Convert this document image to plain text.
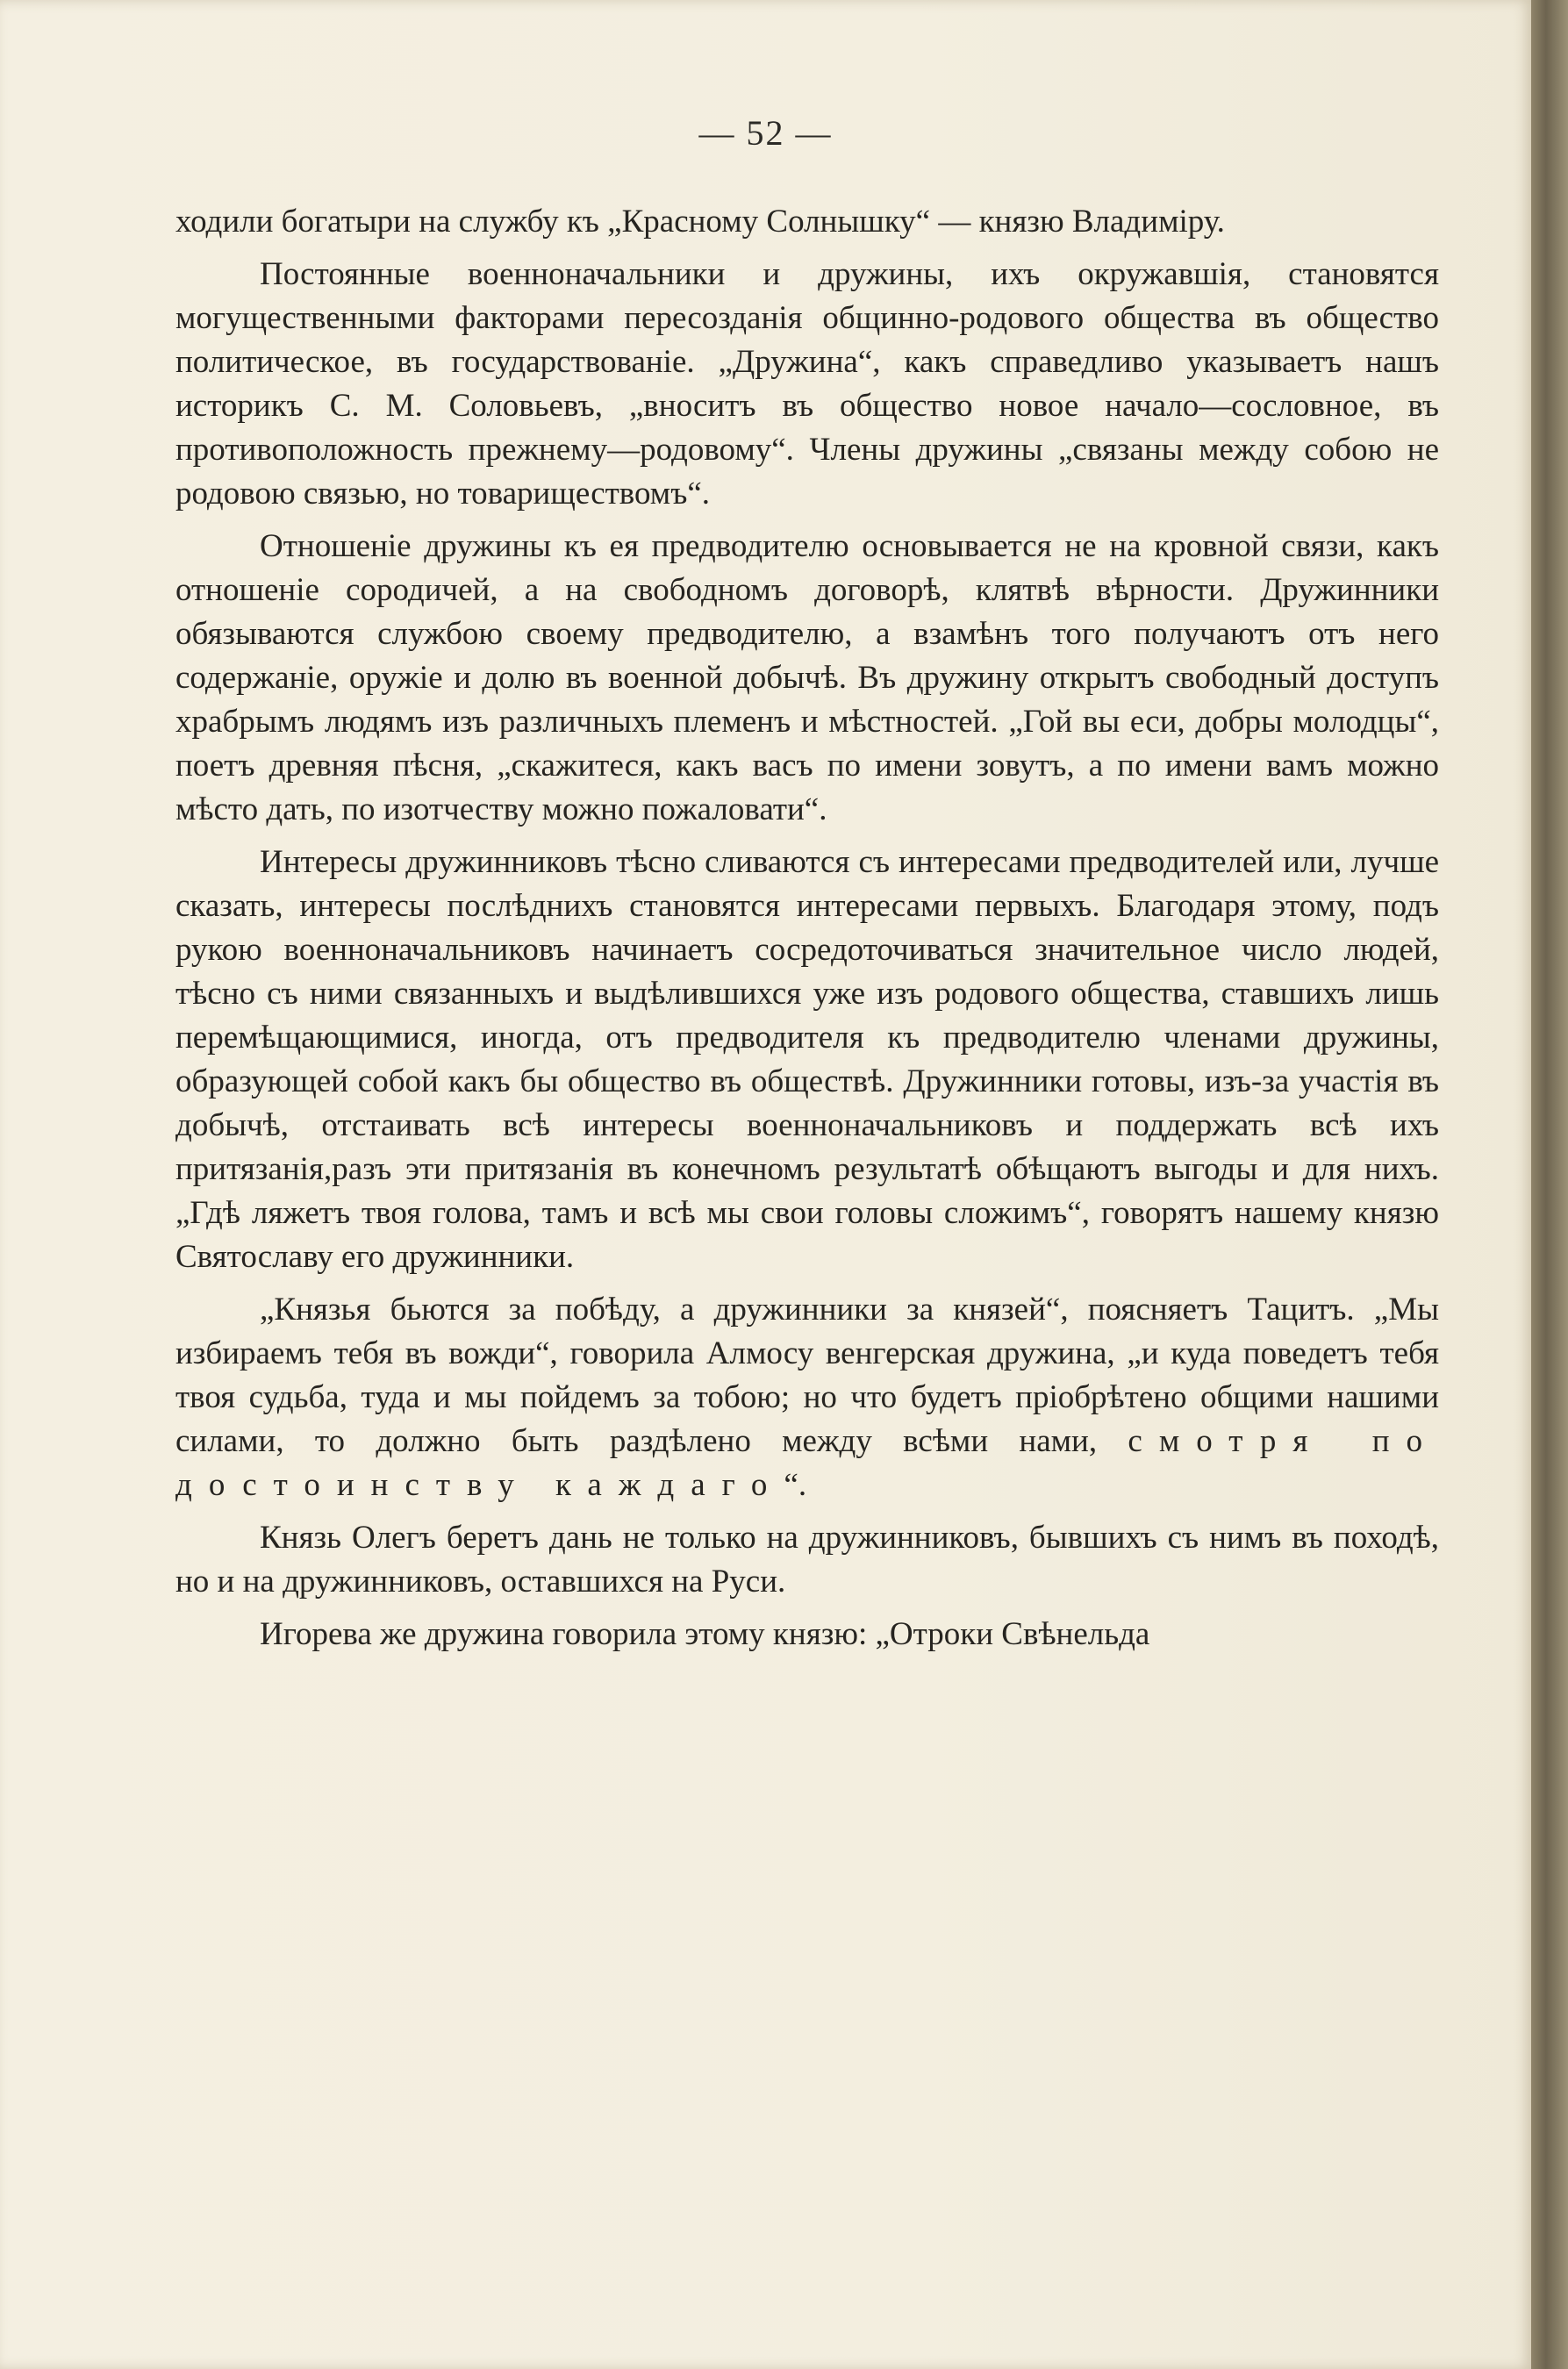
— 52 —

ходили богатыри на службу къ „Красному Солнышку“ — князю Владиміру.

Постоянные военноначальники и дружины, ихъ окружавшія, становятся могущественными факторами пересозданія общинно-родового общества въ общество политическое, въ государствованіе. „Дружина“, какъ справедливо указываетъ нашъ историкъ С. М. Соловьевъ, „вноситъ въ общество новое начало—сословное, въ противоположность прежнему—родовому“. Члены дружины „связаны между собою не родовою связью, но товариществомъ“.

Отношеніе дружины къ ея предводителю основывается не на кровной связи, какъ отношеніе сородичей, а на свободномъ договорѣ, клятвѣ вѣрности. Дружинники обязываются службою своему предводителю, а взамѣнъ того получаютъ отъ него содержаніе, оружіе и долю въ военной добычѣ. Въ дружину открытъ свободный доступъ храбрымъ людямъ изъ различныхъ племенъ и мѣстностей. „Гой вы еси, добры молодцы“, поетъ древняя пѣсня, „скажитеся, какъ васъ по имени зовутъ, а по имени вамъ можно мѣсто дать, по изотчеству можно пожаловати“.

Интересы дружинниковъ тѣсно сливаются съ интересами предводителей или, лучше сказать, интересы послѣднихъ становятся интересами первыхъ. Благодаря этому, подъ рукою военноначальниковъ начинаетъ сосредоточиваться значительное число людей, тѣсно съ ними связанныхъ и выдѣлившихся уже изъ родового общества, ставшихъ лишь перемѣщающимися, иногда, отъ предводителя къ предводителю членами дружины, образующей собой какъ бы общество въ обществѣ. Дружинники готовы, изъ-за участія въ добычѣ, отстаивать всѣ интересы военноначальниковъ и поддержать всѣ ихъ притязанія,разъ эти притязанія въ конечномъ результатѣ обѣщаютъ выгоды и для нихъ. „Гдѣ ляжетъ твоя голова, тамъ и всѣ мы свои головы сложимъ“, говорятъ нашему князю Святославу его дружинники.

„Князья бьются за побѣду, а дружинники за князей“, поясняетъ Тацитъ. „Мы избираемъ тебя въ вожди“, говорила Алмосу венгерская дружина, „и куда поведетъ тебя твоя судьба, туда и мы пойдемъ за тобою; но что будетъ пріобрѣтено общими нашими силами, то должно быть раздѣлено между всѣми нами, смотря по достоинству каждаго“.

Князь Олегъ беретъ дань не только на дружинниковъ, бывшихъ съ нимъ въ походѣ, но и на дружинниковъ, оставшихся на Руси.

Игорева же дружина говорила этому князю: „Отроки Свѣнельда
